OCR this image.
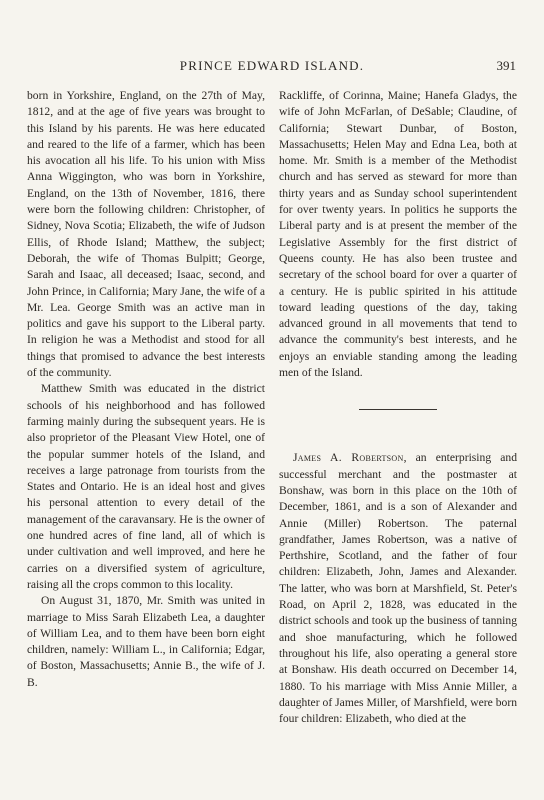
PRINCE EDWARD ISLAND.	391

born in Yorkshire, England, on the 27th of May, 1812, and at the age of five years was brought to this Island by his parents. He was here educated and reared to the life of a farmer, which has been his avocation all his life. To his union with Miss Anna Wiggington, who was born in Yorkshire, England, on the 13th of November, 1816, there were born the following children: Christopher, of Sidney, Nova Scotia; Elizabeth, the wife of Judson Ellis, of Rhode Island; Matthew, the subject; Deborah, the wife of Thomas Bulpitt; George, Sarah and Isaac, all deceased; Isaac, second, and John Prince, in California; Mary Jane, the wife of a Mr. Lea. George Smith was an active man in politics and gave his support to the Liberal party. In religion he was a Methodist and stood for all things that promised to advance the best interests of the community.

Matthew Smith was educated in the district schools of his neighborhood and has followed farming mainly during the subsequent years. He is also proprietor of the Pleasant View Hotel, one of the popular summer hotels of the Island, and receives a large patronage from tourists from the States and Ontario. He is an ideal host and gives his personal attention to every detail of the management of the caravansary. He is the owner of one hundred acres of fine land, all of which is under cultivation and well improved, and here he carries on a diversified system of agriculture, raising all the crops common to this locality.

On August 31, 1870, Mr. Smith was united in marriage to Miss Sarah Elizabeth Lea, a daughter of William Lea, and to them have been born eight children, namely: William L., in California; Edgar, of Boston, Massachusetts; Annie B., the wife of J. B.

Rackliffe, of Corinna, Maine; Hanefa Gladys, the wife of John McFarlan, of DeSable; Claudine, of California; Stewart Dunbar, of Boston, Massachusetts; Helen May and Edna Lea, both at home. Mr. Smith is a member of the Methodist church and has served as steward for more than thirty years and as Sunday school superintendent for over twenty years. In politics he supports the Liberal party and is at present the member of the Legislative Assembly for the first district of Queens county. He has also been trustee and secretary of the school board for over a quarter of a century. He is public spirited in his attitude toward leading questions of the day, taking advanced ground in all movements that tend to advance the community's best interests, and he enjoys an enviable standing among the leading men of the Island.

James A. Robertson, an enterprising and successful merchant and the postmaster at Bonshaw, was born in this place on the 10th of December, 1861, and is a son of Alexander and Annie (Miller) Robertson. The paternal grandfather, James Robertson, was a native of Perthshire, Scotland, and the father of four children: Elizabeth, John, James and Alexander. The latter, who was born at Marshfield, St. Peter's Road, on April 2, 1828, was educated in the district schools and took up the business of tanning and shoe manufacturing, which he followed throughout his life, also operating a general store at Bonshaw. His death occurred on December 14, 1880. To his marriage with Miss Annie Miller, a daughter of James Miller, of Marshfield, were born four children: Elizabeth, who died at the
